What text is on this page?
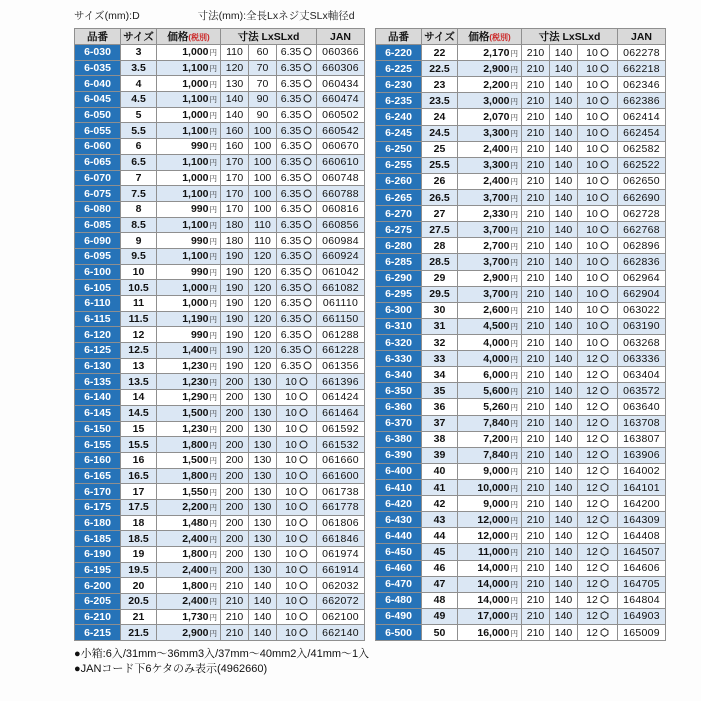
サイズ(mm):D	寸法(mm):全長Lxネジ丈SLx軸径d
品番	サイズ	価格(税別)	寸法 LxSLxd			JAN
6-030	3	1,000円	110	60	6.35	060366
6-035	3.5	1,100円	120	70	6.35	660306
6-040	4	1,000円	130	70	6.35	060434
6-045	4.5	1,100円	140	90	6.35	660474
6-050	5	1,000円	140	90	6.35	060502
6-055	5.5	1,100円	160	100	6.35	660542
6-060	6	990円	160	100	6.35	060670
6-065	6.5	1,100円	170	100	6.35	660610
6-070	7	1,000円	170	100	6.35	060748
6-075	7.5	1,100円	170	100	6.35	660788
6-080	8	990円	170	100	6.35	060816
6-085	8.5	1,100円	180	110	6.35	660856
6-090	9	990円	180	110	6.35	060984
6-095	9.5	1,100円	190	120	6.35	660924
6-100	10	990円	190	120	6.35	061042
6-105	10.5	1,000円	190	120	6.35	661082
6-110	11	1,000円	190	120	6.35	061110
6-115	11.5	1,190円	190	120	6.35	661150
6-120	12	990円	190	120	6.35	061288
6-125	12.5	1,400円	190	120	6.35	661228
6-130	13	1,230円	190	120	6.35	061356
6-135	13.5	1,230円	200	130	10	661396
6-140	14	1,290円	200	130	10	061424
6-145	14.5	1,500円	200	130	10	661464
6-150	15	1,230円	200	130	10	061592
6-155	15.5	1,800円	200	130	10	661532
6-160	16	1,500円	200	130	10	061660
6-165	16.5	1,800円	200	130	10	661600
6-170	17	1,550円	200	130	10	061738
6-175	17.5	2,200円	200	130	10	661778
6-180	18	1,480円	200	130	10	061806
6-185	18.5	2,400円	200	130	10	661846
6-190	19	1,800円	200	130	10	061974
6-195	19.5	2,400円	200	130	10	661914
6-200	20	1,800円	210	140	10	062032
6-205	20.5	2,400円	210	140	10	662072
6-210	21	1,730円	210	140	10	062100
6-215	21.5	2,900円	210	140	10	662140
品番	サイズ	価格(税別)	寸法 LxSLxd			JAN
6-220	22	2,170円	210	140	10	062278
6-225	22.5	2,900円	210	140	10	662218
6-230	23	2,200円	210	140	10	062346
6-235	23.5	3,000円	210	140	10	662386
6-240	24	2,070円	210	140	10	062414
6-245	24.5	3,300円	210	140	10	662454
6-250	25	2,400円	210	140	10	062582
6-255	25.5	3,300円	210	140	10	662522
6-260	26	2,400円	210	140	10	062650
6-265	26.5	3,700円	210	140	10	662690
6-270	27	2,330円	210	140	10	062728
6-275	27.5	3,700円	210	140	10	662768
6-280	28	2,700円	210	140	10	062896
6-285	28.5	3,700円	210	140	10	662836
6-290	29	2,900円	210	140	10	062964
6-295	29.5	3,700円	210	140	10	662904
6-300	30	2,600円	210	140	10	063022
6-310	31	4,500円	210	140	10	063190
6-320	32	4,000円	210	140	10	063268
6-330	33	4,000円	210	140	12	063336
6-340	34	6,000円	210	140	12	063404
6-350	35	5,600円	210	140	12	063572
6-360	36	5,260円	210	140	12	063640
6-370	37	7,840円	210	140	12	163708
6-380	38	7,200円	210	140	12	163807
6-390	39	7,840円	210	140	12	163906
6-400	40	9,000円	210	140	12	164002
6-410	41	10,000円	210	140	12	164101
6-420	42	9,000円	210	140	12	164200
6-430	43	12,000円	210	140	12	164309
6-440	44	12,000円	210	140	12	164408
6-450	45	11,000円	210	140	12	164507
6-460	46	14,000円	210	140	12	164606
6-470	47	14,000円	210	140	12	164705
6-480	48	14,000円	210	140	12	164804
6-490	49	17,000円	210	140	12	164903
6-500	50	16,000円	210	140	12	165009
●小箱:6入/31mm〜36mm3入/37mm〜40mm2入/41mm〜1入
●JANコード下6ケタのみ表示(4962660)
